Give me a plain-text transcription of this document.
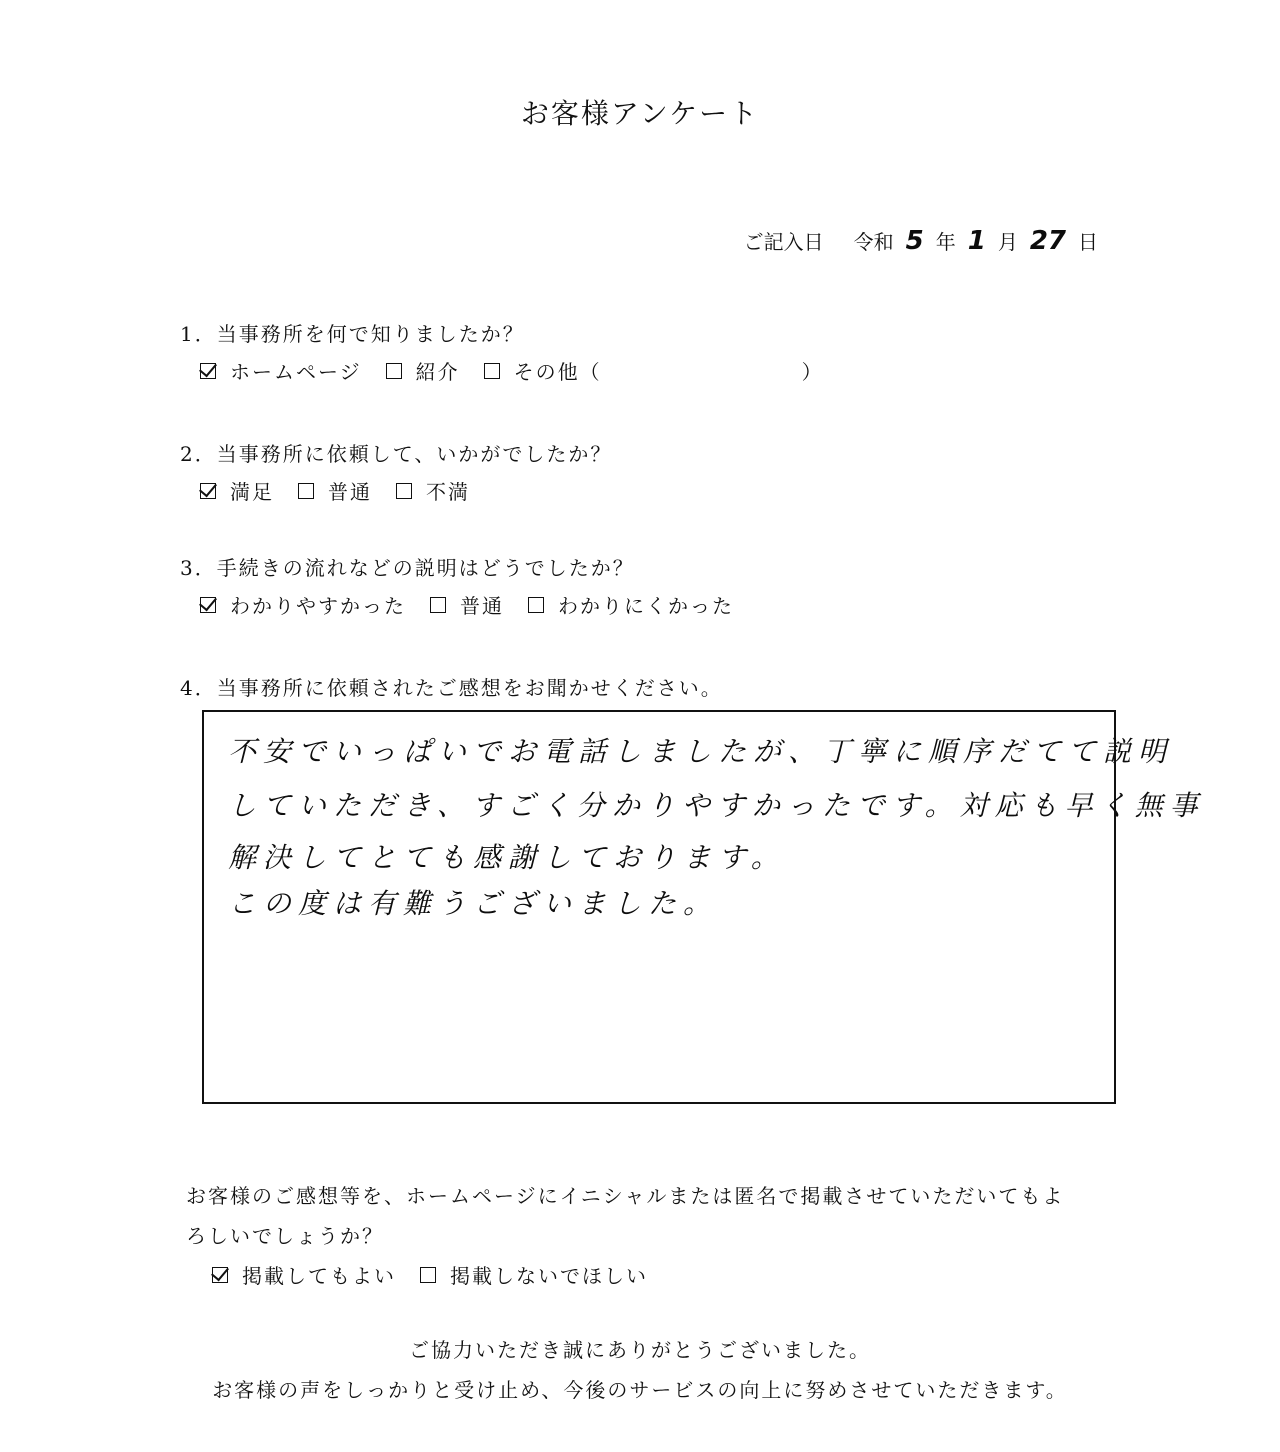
お客様アンケート
ご記入日 令和 5 年 1 月 27 日
1．当事務所を何で知りましたか？
ホームページ	紹介	その他（	）
2．当事務所に依頼して、いかがでしたか？
満足	普通	不満
3．手続きの流れなどの説明はどうでしたか？
わかりやすかった	普通	わかりにくかった
4．当事務所に依頼されたご感想をお聞かせください。
不安でいっぱいでお電話しましたが、丁寧に順序だてて説明
していただき、すごく分かりやすかったです。対応も早く無事
解決してとても感謝しております。
この度は有難うございました。
お客様のご感想等を、ホームページにイニシャルまたは匿名で掲載させていただいてもよ
ろしいでしょうか？
掲載してもよい	掲載しないでほしい
ご協力いただき誠にありがとうございました。
お客様の声をしっかりと受け止め、今後のサービスの向上に努めさせていただきます。
